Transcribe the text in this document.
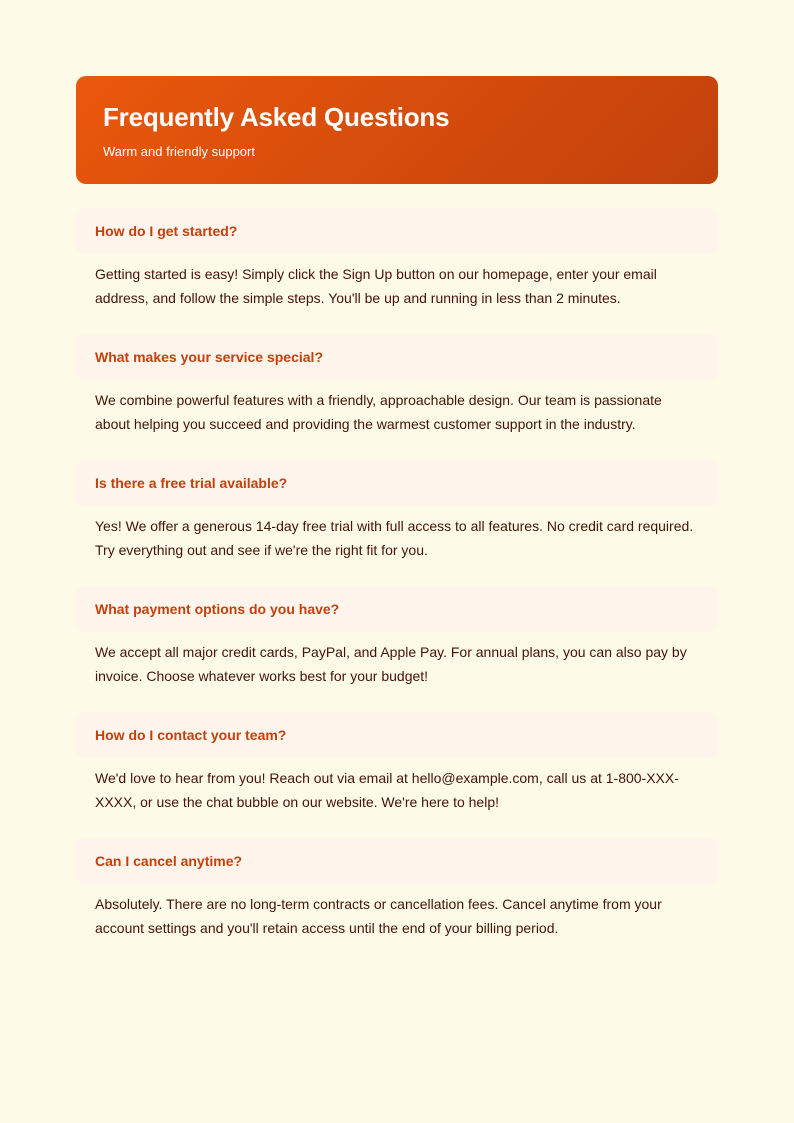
Frequently Asked Questions

Warm and friendly support

How do I get started?
Getting started is easy! Simply click the Sign Up button on our homepage, enter your email address, and follow the simple steps. You'll be up and running in less than 2 minutes.
What makes your service special?
We combine powerful features with a friendly, approachable design. Our team is passionate about helping you succeed and providing the warmest customer support in the industry.
Is there a free trial available?
Yes! We offer a generous 14-day free trial with full access to all features. No credit card required. Try everything out and see if we're the right fit for you.
What payment options do you have?
We accept all major credit cards, PayPal, and Apple Pay. For annual plans, you can also pay by invoice. Choose whatever works best for your budget!
How do I contact your team?
We'd love to hear from you! Reach out via email at hello@example.com, call us at 1-800-XXX-XXXX, or use the chat bubble on our website. We're here to help!
Can I cancel anytime?
Absolutely. There are no long-term contracts or cancellation fees. Cancel anytime from your account settings and you'll retain access until the end of your billing period.
